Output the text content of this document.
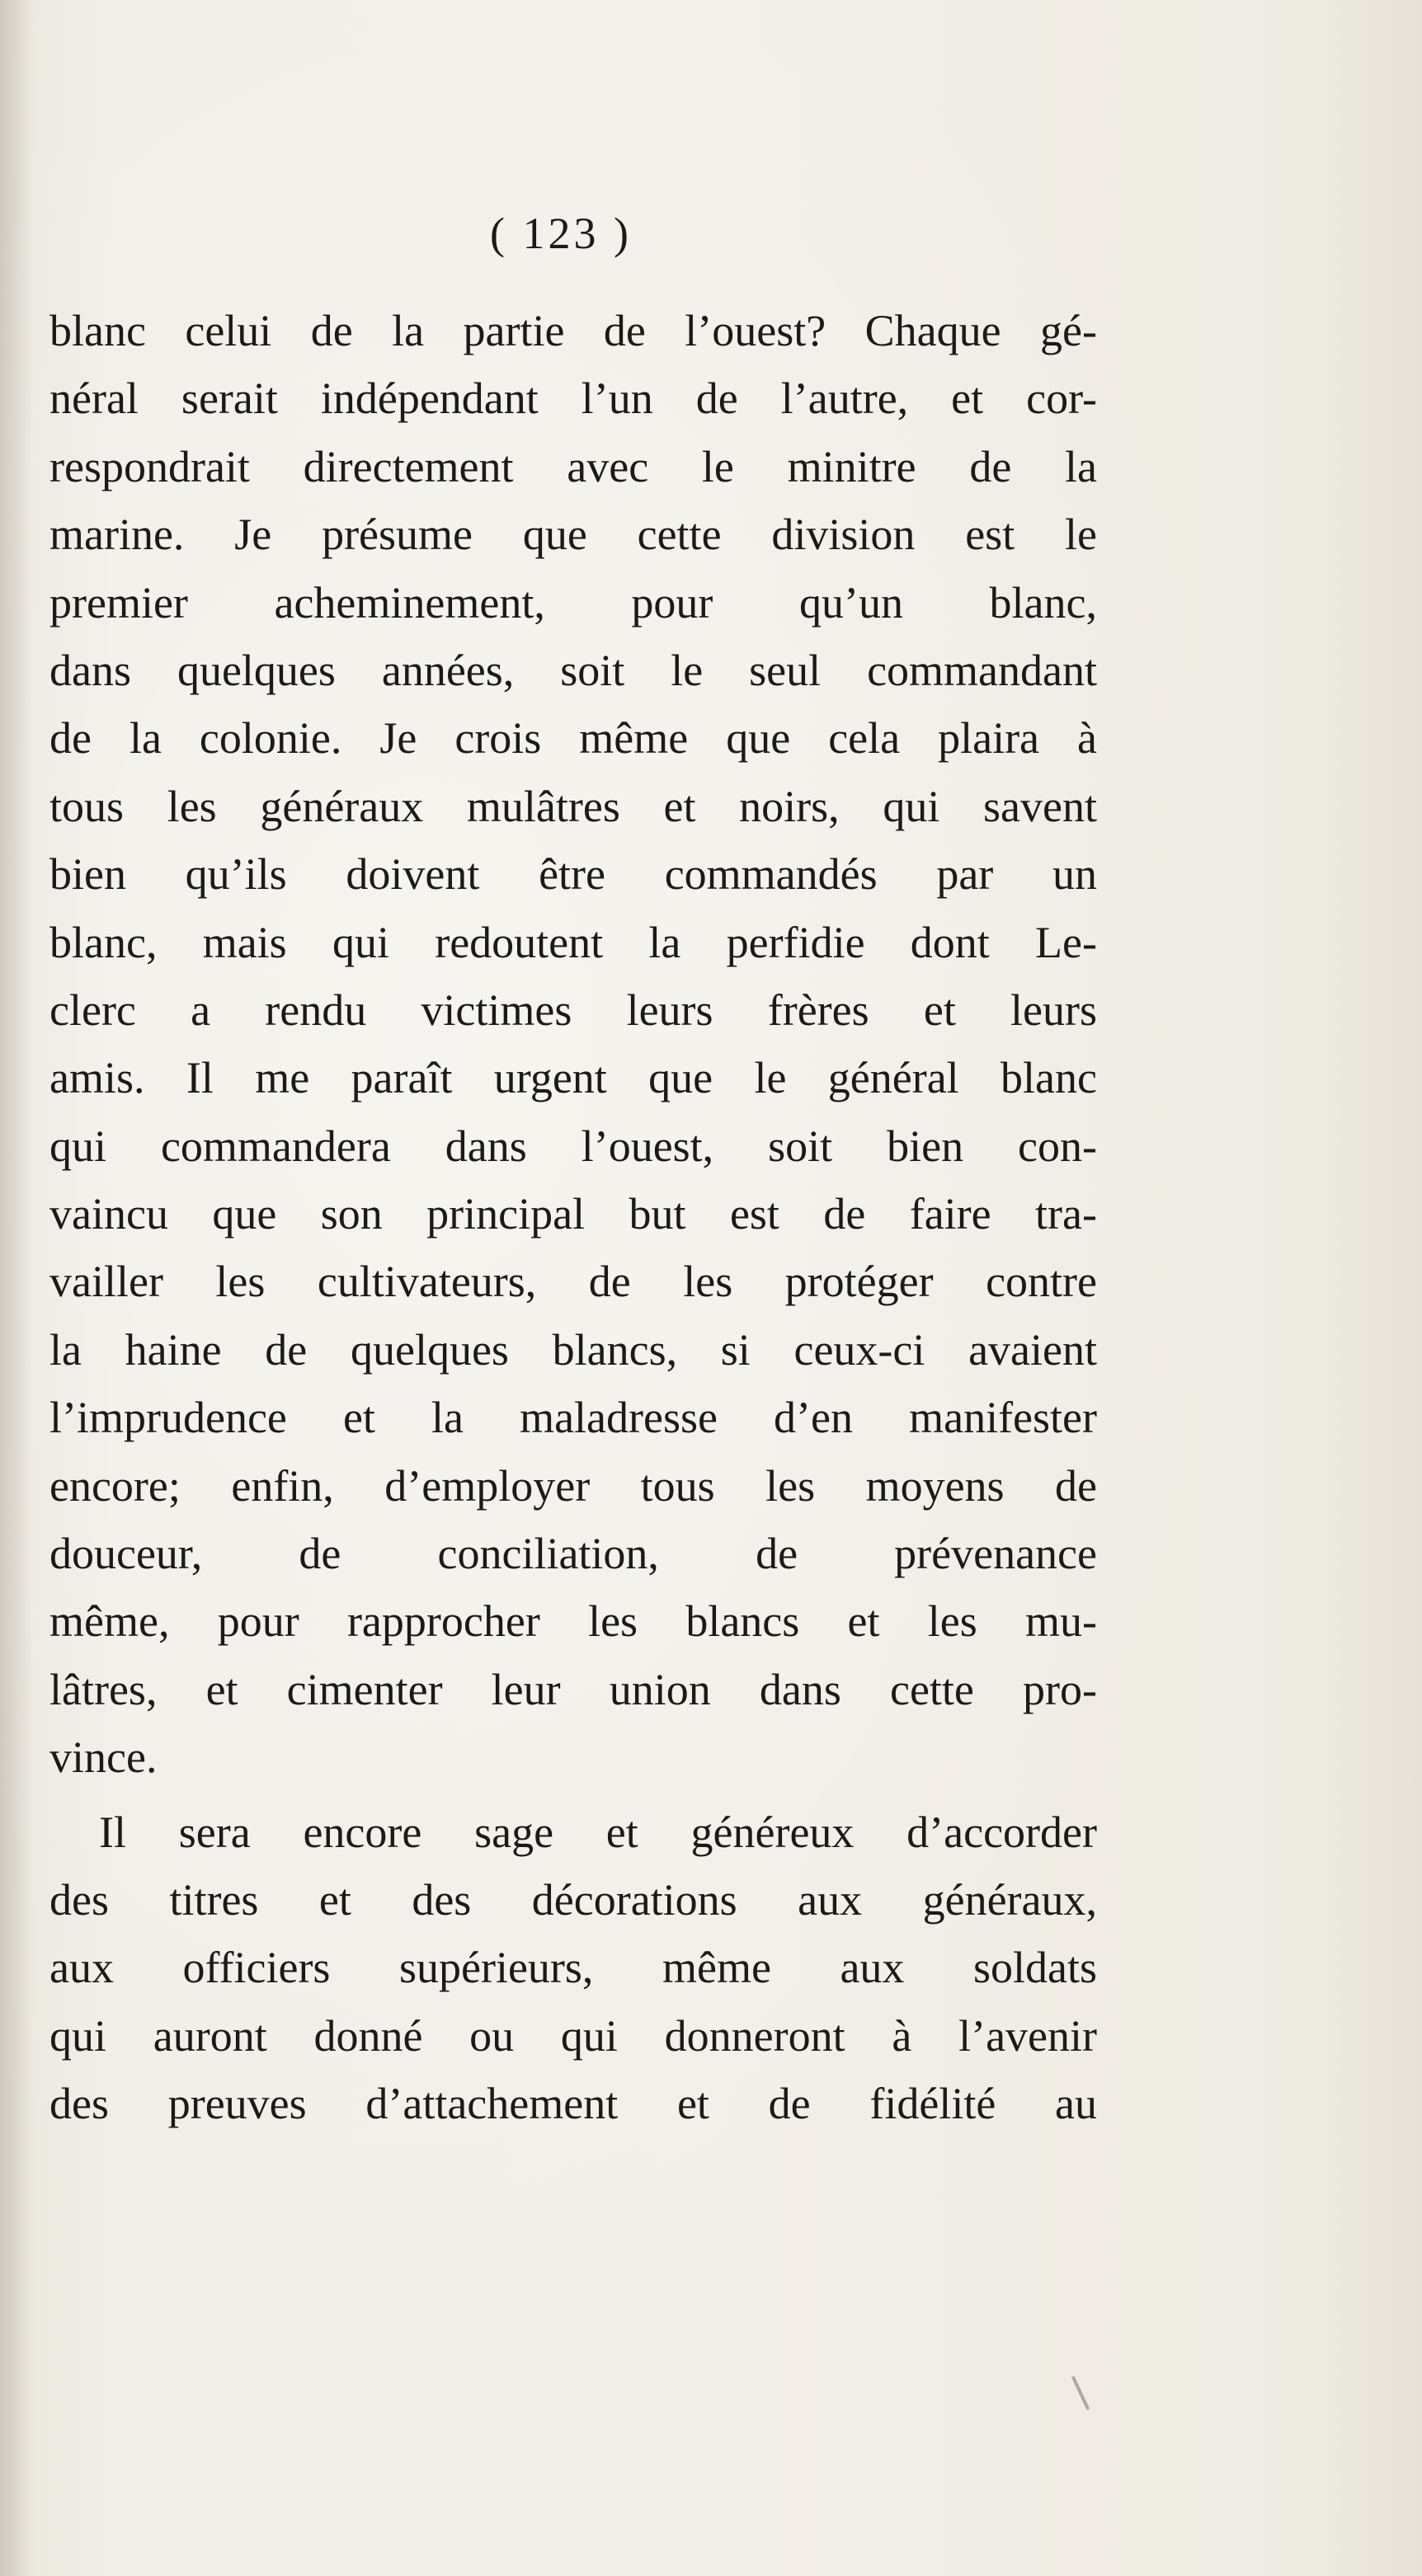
( 123 )
blanc celui de la partie de l’ouest? Chaque gé-
néral serait indépendant l’un de l’autre, et cor-
respondrait directement avec le minitre de la
marine. Je présume que cette division est le
premier acheminement, pour qu’un blanc,
dans quelques années, soit le seul commandant
de la colonie. Je crois même que cela plaira à
tous les généraux mulâtres et noirs, qui savent
bien qu’ils doivent être commandés par un
blanc, mais qui redoutent la perfidie dont Le-
clerc a rendu victimes leurs frères et leurs
amis. Il me paraît urgent que le général blanc
qui commandera dans l’ouest, soit bien con-
vaincu que son principal but est de faire tra-
vailler les cultivateurs, de les protéger contre
la haine de quelques blancs, si ceux-ci avaient
l’imprudence et la maladresse d’en manifester
encore; enfin, d’employer tous les moyens de
douceur, de conciliation, de prévenance
même, pour rapprocher les blancs et les mu-
lâtres, et cimenter leur union dans cette pro-
vince.
Il sera encore sage et généreux d’accorder
des titres et des décorations aux généraux,
aux officiers supérieurs, même aux soldats
qui auront donné ou qui donneront à l’avenir
des preuves d’attachement et de fidélité au
